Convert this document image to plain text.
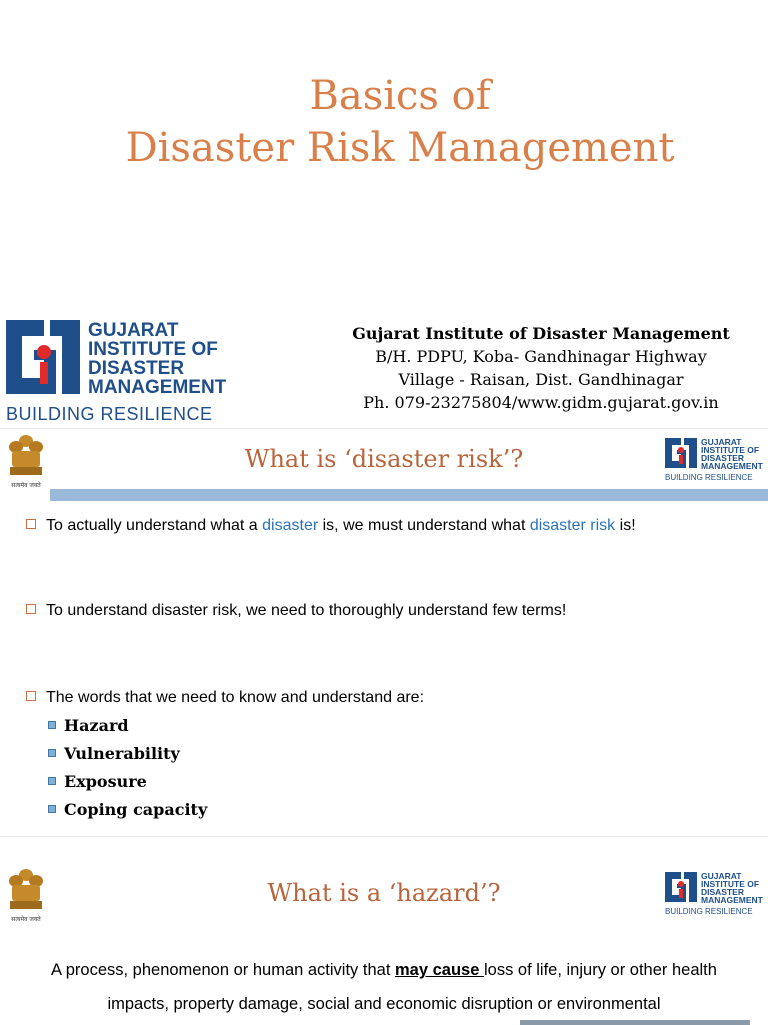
Basics of
Disaster Risk Management
GUJARAT
INSTITUTE OF
DISASTER
MANAGEMENT
BUILDING RESILIENCE
Gujarat Institute of Disaster Management
B/H. PDPU, Koba- Gandhinagar Highway
Village - Raisan, Dist. Gandhinagar
Ph. 079-23275804/www.gidm.gujarat.gov.in
सत्यमेव जयते
What is ‘disaster risk’?
GUJARAT
INSTITUTE OF
DISASTER
MANAGEMENT
BUILDING RESILIENCE
To actually understand what a disaster is, we must understand what disaster risk is!
To understand disaster risk, we need to thoroughly understand few terms!
The words that we need to know and understand are:
Hazard
Vulnerability
Exposure
Coping capacity
सत्यमेव जयते
What is a ‘hazard’?
GUJARAT
INSTITUTE OF
DISASTER
MANAGEMENT
BUILDING RESILIENCE
A process, phenomenon or human activity that may cause loss of life, injury or other health impacts, property damage, social and economic disruption or environmental
